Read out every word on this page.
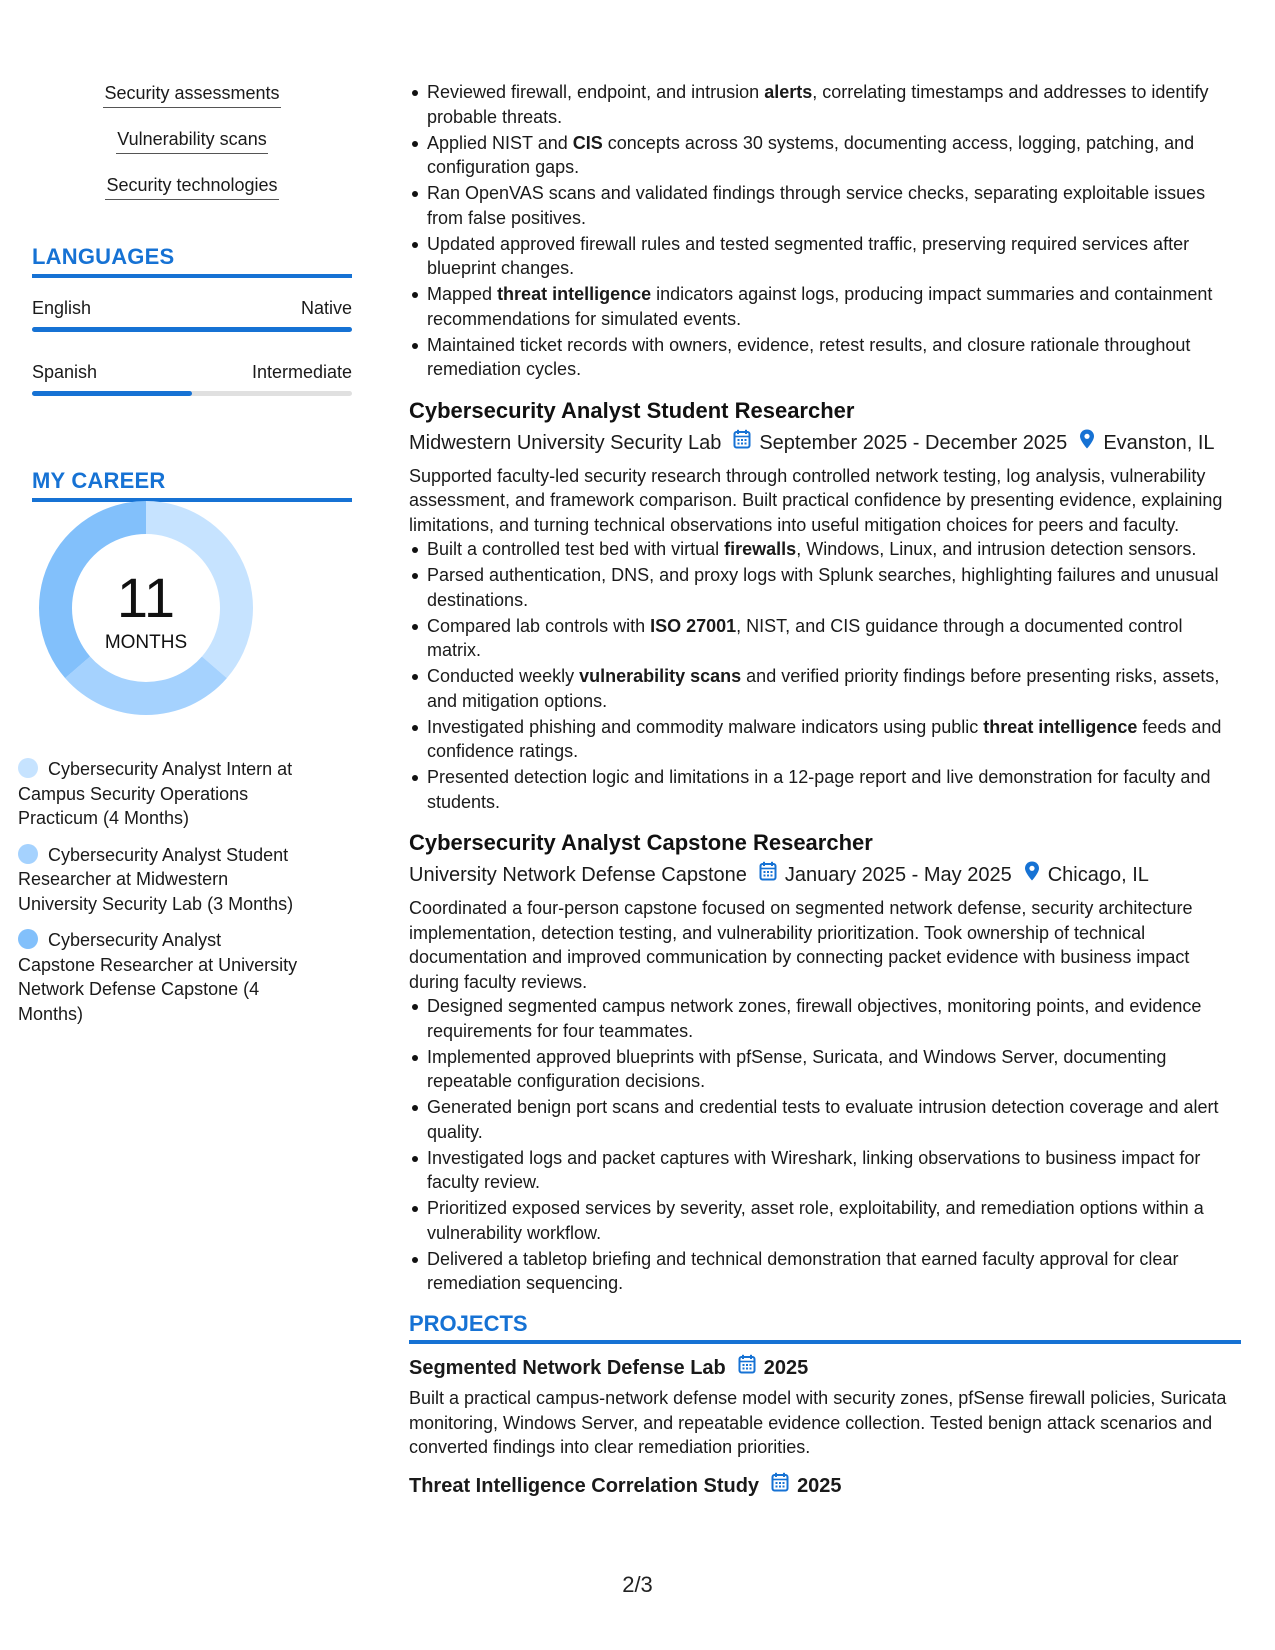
Security assessments
Vulnerability scans
Security technologies
LANGUAGES
English	Native
Spanish	Intermediate
MY CAREER
11
MONTHS
Cybersecurity Analyst Intern at Campus Security Operations Practicum (4 Months)
Cybersecurity Analyst Student Researcher at Midwestern University Security Lab (3 Months)
Cybersecurity Analyst Capstone Researcher at University Network Defense Capstone (4 Months)
Reviewed firewall, endpoint, and intrusion alerts, correlating timestamps and addresses to identify probable threats.
Applied NIST and CIS concepts across 30 systems, documenting access, logging, patching, and configuration gaps.
Ran OpenVAS scans and validated findings through service checks, separating exploitable issues from false positives.
Updated approved firewall rules and tested segmented traffic, preserving required services after blueprint changes.
Mapped threat intelligence indicators against logs, producing impact summaries and containment recommendations for simulated events.
Maintained ticket records with owners, evidence, retest results, and closure rationale throughout remediation cycles.
Cybersecurity Analyst Student Researcher
Midwestern University Security Lab September 2025 - December 2025 Evanston, IL
Supported faculty-led security research through controlled network testing, log analysis, vulnerability assessment, and framework comparison. Built practical confidence by presenting evidence, explaining limitations, and turning technical observations into useful mitigation choices for peers and faculty.
Built a controlled test bed with virtual firewalls, Windows, Linux, and intrusion detection sensors.
Parsed authentication, DNS, and proxy logs with Splunk searches, highlighting failures and unusual destinations.
Compared lab controls with ISO 27001, NIST, and CIS guidance through a documented control matrix.
Conducted weekly vulnerability scans and verified priority findings before presenting risks, assets, and mitigation options.
Investigated phishing and commodity malware indicators using public threat intelligence feeds and confidence ratings.
Presented detection logic and limitations in a 12-page report and live demonstration for faculty and students.
Cybersecurity Analyst Capstone Researcher
University Network Defense Capstone January 2025 - May 2025 Chicago, IL
Coordinated a four-person capstone focused on segmented network defense, security architecture implementation, detection testing, and vulnerability prioritization. Took ownership of technical documentation and improved communication by connecting packet evidence with business impact during faculty reviews.
Designed segmented campus network zones, firewall objectives, monitoring points, and evidence requirements for four teammates.
Implemented approved blueprints with pfSense, Suricata, and Windows Server, documenting repeatable configuration decisions.
Generated benign port scans and credential tests to evaluate intrusion detection coverage and alert quality.
Investigated logs and packet captures with Wireshark, linking observations to business impact for faculty review.
Prioritized exposed services by severity, asset role, exploitability, and remediation options within a vulnerability workflow.
Delivered a tabletop briefing and technical demonstration that earned faculty approval for clear remediation sequencing.
PROJECTS
Segmented Network Defense Lab 2025
Built a practical campus-network defense model with security zones, pfSense firewall policies, Suricata monitoring, Windows Server, and repeatable evidence collection. Tested benign attack scenarios and converted findings into clear remediation priorities.
Threat Intelligence Correlation Study 2025
2/3
